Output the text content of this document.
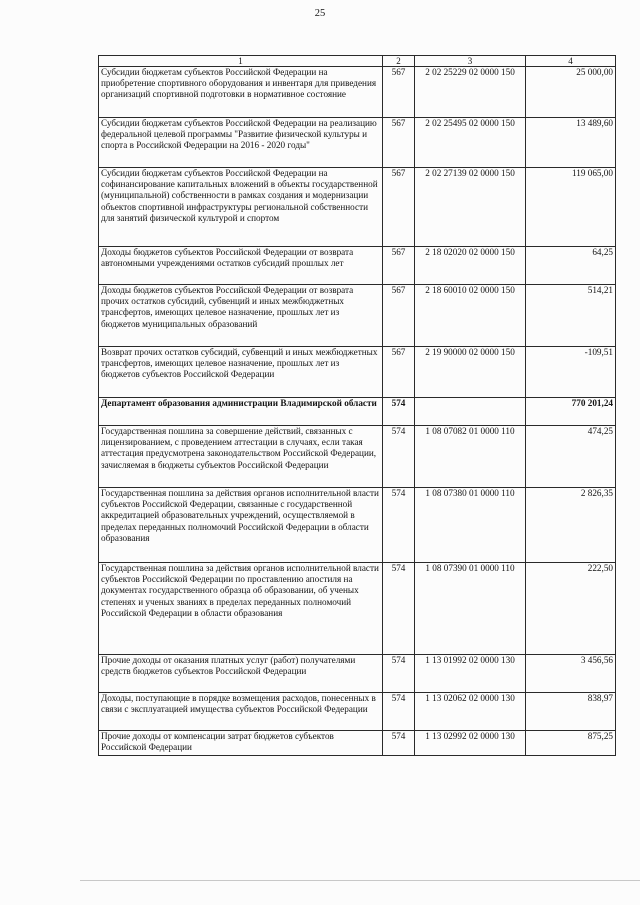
25
1	2	3	4
Субсидии бюджетам субъектов Российской Федерации на приобретение спортивного оборудования и инвентаря для приведения организаций спортивной подготовки в нормативное состояние	567	2 02 25229 02 0000 150	25 000,00
Субсидии бюджетам субъектов Российской Федерации на реализацию федеральной целевой программы "Развитие физической культуры и спорта в Российской Федерации на 2016 - 2020 годы"	567	2 02 25495 02 0000 150	13 489,60
Субсидии бюджетам субъектов Российской Федерации на софинансирование капитальных вложений в объекты государственной (муниципальной) собственности в рамках создания и модернизации объектов спортивной инфраструктуры региональной собственности для занятий физической культурой и спортом	567	2 02 27139 02 0000 150	119 065,00
Доходы бюджетов субъектов Российской Федерации от возврата автономными учреждениями остатков субсидий прошлых лет	567	2 18 02020 02 0000 150	64,25
Доходы бюджетов субъектов Российской Федерации от возврата прочих остатков субсидий, субвенций и иных межбюджетных трансфертов, имеющих целевое назначение, прошлых лет из бюджетов муниципальных образований	567	2 18 60010 02 0000 150	514,21
Возврат прочих остатков субсидий, субвенций и иных межбюджетных трансфертов, имеющих целевое назначение, прошлых лет из бюджетов субъектов Российской Федерации	567	2 19 90000 02 0000 150	-109,51
Департамент образования администрации Владимирской области	574		770 201,24
Государственная пошлина за совершение действий, связанных с лицензированием, с проведением аттестации в случаях, если такая аттестация предусмотрена законодательством Российской Федерации, зачисляемая в бюджеты субъектов Российской Федерации	574	1 08 07082 01 0000 110	474,25
Государственная пошлина за действия органов исполнительной власти субъектов Российской Федерации, связанные с государственной аккредитацией образовательных учреждений, осуществляемой в пределах переданных полномочий Российской Федерации в области образования	574	1 08 07380 01 0000 110	2 826,35
Государственная пошлина за действия органов исполнительной власти субъектов Российской Федерации по проставлению апостиля на документах государственного образца об образовании, об ученых степенях и ученых званиях в пределах переданных полномочий Российской Федерации в области образования	574	1 08 07390 01 0000 110	222,50
Прочие доходы от оказания платных услуг (работ) получателями средств бюджетов субъектов Российской Федерации	574	1 13 01992 02 0000 130	3 456,56
Доходы, поступающие в порядке возмещения расходов, понесенных в связи с эксплуатацией имущества субъектов Российской Федерации	574	1 13 02062 02 0000 130	838,97
Прочие доходы от компенсации затрат бюджетов субъектов Российской Федерации	574	1 13 02992 02 0000 130	875,25
